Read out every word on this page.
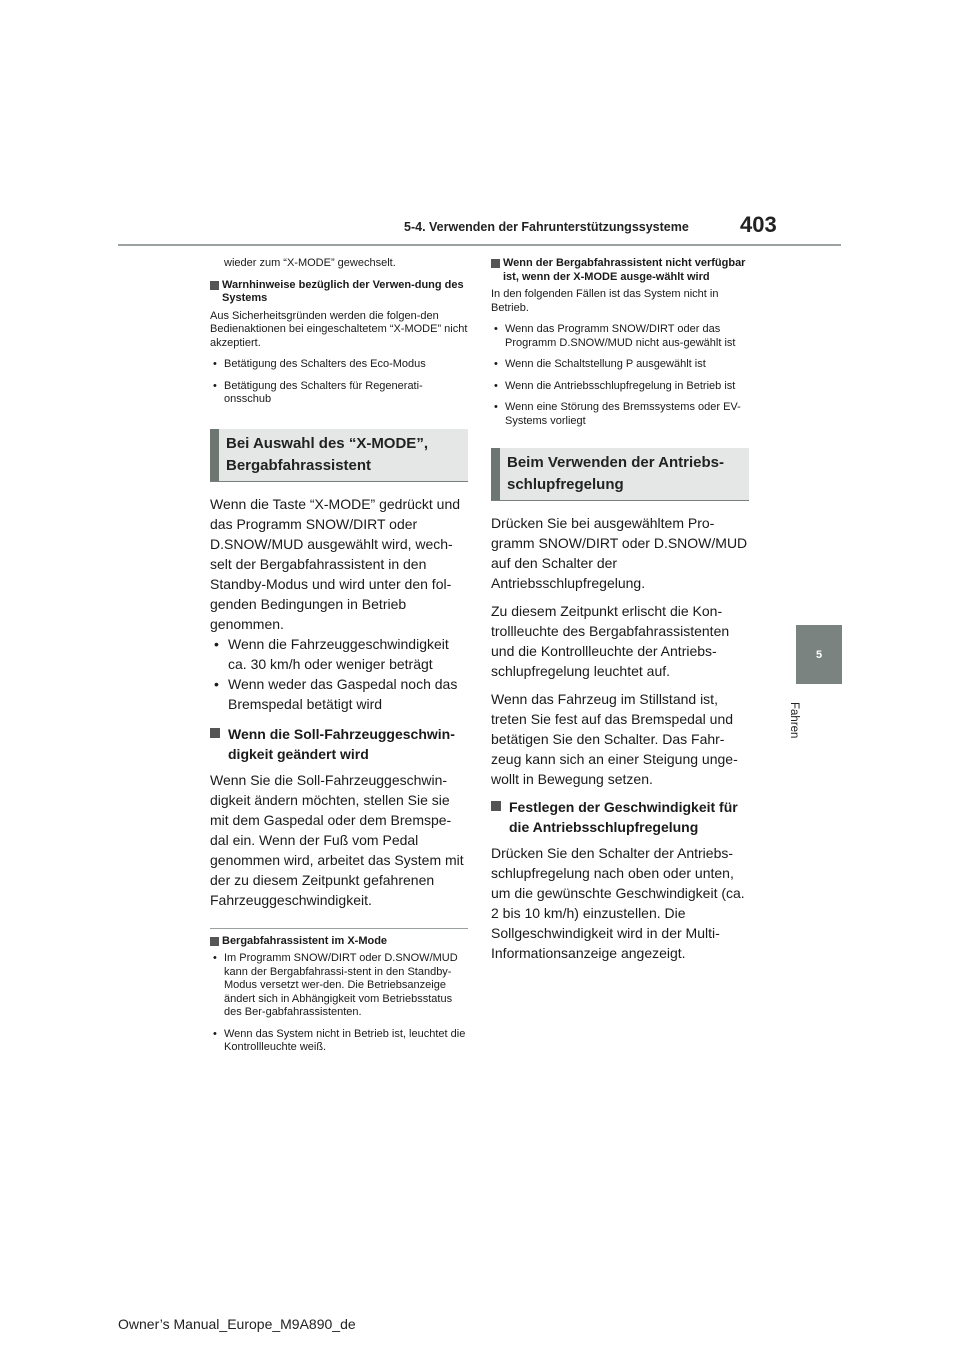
5-4. Verwenden der Fahrunterstützungssysteme 403
5
Fahren

wieder zum “X-MODE” gewechselt.

Warnhinweise bezüglich der Verwen-dung des Systems

Aus Sicherheitsgründen werden die folgen-den Bedienaktionen bei eingeschaltetem “X-MODE” nicht akzeptiert.

• Betätigung des Schalters des Eco-Modus

• Betätigung des Schalters für Regenerati-onsschub

Bei Auswahl des “X-MODE”, Bergabfahrassistent

Wenn die Taste “X-MODE” gedrückt und das Programm SNOW/DIRT oder D.SNOW/MUD ausgewählt wird, wech-selt der Bergabfahrassistent in den Standby-Modus und wird unter den fol-genden Bedingungen in Betrieb genommen.

• Wenn die Fahrzeuggeschwindigkeit ca. 30 km/h oder weniger beträgt

• Wenn weder das Gaspedal noch das Bremspedal betätigt wird

Wenn die Soll-Fahrzeuggeschwin-digkeit geändert wird

Wenn Sie die Soll-Fahrzeuggeschwin-digkeit ändern möchten, stellen Sie sie mit dem Gaspedal oder dem Bremspe-dal ein. Wenn der Fuß vom Pedal genommen wird, arbeitet das System mit der zu diesem Zeitpunkt gefahrenen Fahrzeuggeschwindigkeit.

Bergabfahrassistent im X-Mode

• Im Programm SNOW/DIRT oder D.SNOW/MUD kann der Bergabfahrassi-stent in den Standby-Modus versetzt wer-den. Die Betriebsanzeige ändert sich in Abhängigkeit vom Betriebsstatus des Ber-gabfahrassistenten.

• Wenn das System nicht in Betrieb ist, leuchtet die Kontrollleuchte weiß.

Wenn der Bergabfahrassistent nicht verfügbar ist, wenn der X-MODE ausge-wählt wird

In den folgenden Fällen ist das System nicht in Betrieb.

• Wenn das Programm SNOW/DIRT oder das Programm D.SNOW/MUD nicht aus-gewählt ist

• Wenn die Schaltstellung P ausgewählt ist

• Wenn die Antriebsschlupfregelung in Betrieb ist

• Wenn eine Störung des Bremssystems oder EV-Systems vorliegt

Beim Verwenden der Antriebs-schlupfregelung

Drücken Sie bei ausgewähltem Pro-gramm SNOW/DIRT oder D.SNOW/MUD auf den Schalter der Antriebsschlupfregelung.

Zu diesem Zeitpunkt erlischt die Kon-trollleuchte des Bergabfahrassistenten und die Kontrollleuchte der Antriebs-schlupfregelung leuchtet auf.

Wenn das Fahrzeug im Stillstand ist, treten Sie fest auf das Bremspedal und betätigen Sie den Schalter. Das Fahr-zeug kann sich an einer Steigung unge-wollt in Bewegung setzen.

Festlegen der Geschwindigkeit für die Antriebsschlupfregelung

Drücken Sie den Schalter der Antriebs-schlupfregelung nach oben oder unten, um die gewünschte Geschwindigkeit (ca. 2 bis 10 km/h) einzustellen. Die Sollgeschwindigkeit wird in der Multi-Informationsanzeige angezeigt.

Owner’s Manual_Europe_M9A890_de
